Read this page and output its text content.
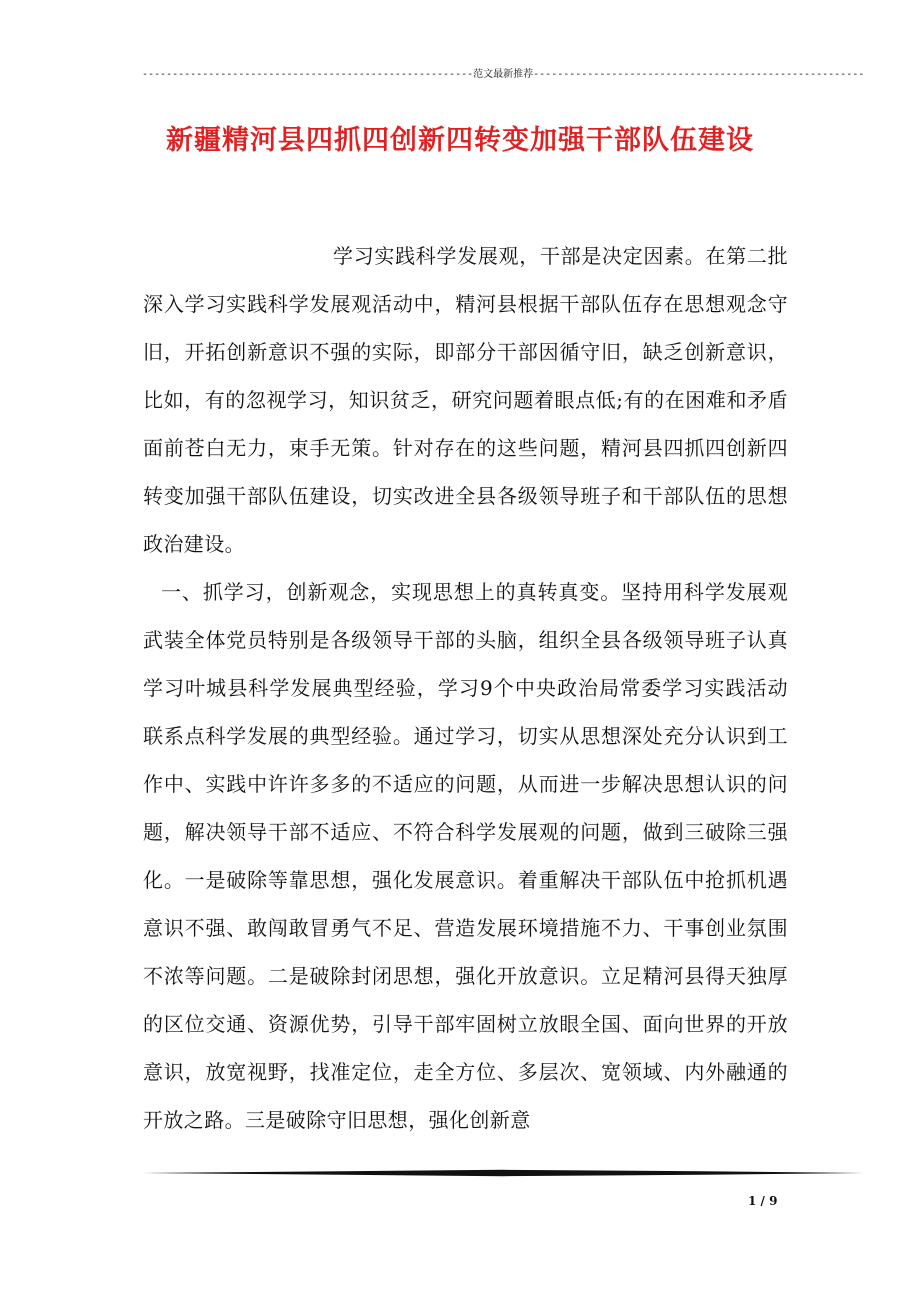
-------------------------------------------------------范文最新推荐-------------------------------------------------------
新疆精河县四抓四创新四转变加强干部队伍建设

学习实践科学发展观，干部是决定因素。在第二批深入学习实践科学发展观活动中，精河县根据干部队伍存在思想观念守旧，开拓创新意识不强的实际，即部分干部因循守旧，缺乏创新意识，比如，有的忽视学习，知识贫乏，研究问题着眼点低;有的在困难和矛盾面前苍白无力，束手无策。针对存在的这些问题，精河县四抓四创新四转变加强干部队伍建设，切实改进全县各级领导班子和干部队伍的思想政治建设。

一、抓学习，创新观念，实现思想上的真转真变。坚持用科学发展观武装全体党员特别是各级领导干部的头脑，组织全县各级领导班子认真学习叶城县科学发展典型经验，学习9个中央政治局常委学习实践活动联系点科学发展的典型经验。通过学习，切实从思想深处充分认识到工作中、实践中许许多多的不适应的问题，从而进一步解决思想认识的问题，解决领导干部不适应、不符合科学发展观的问题，做到三破除三强化。一是破除等靠思想，强化发展意识。着重解决干部队伍中抢抓机遇意识不强、敢闯敢冒勇气不足、营造发展环境措施不力、干事创业氛围不浓等问题。二是破除封闭思想，强化开放意识。立足精河县得天独厚的区位交通、资源优势，引导干部牢固树立放眼全国、面向世界的开放意识，放宽视野，找准定位，走全方位、多层次、宽领域、内外融通的开放之路。三是破除守旧思想，强化创新意

1 / 9
